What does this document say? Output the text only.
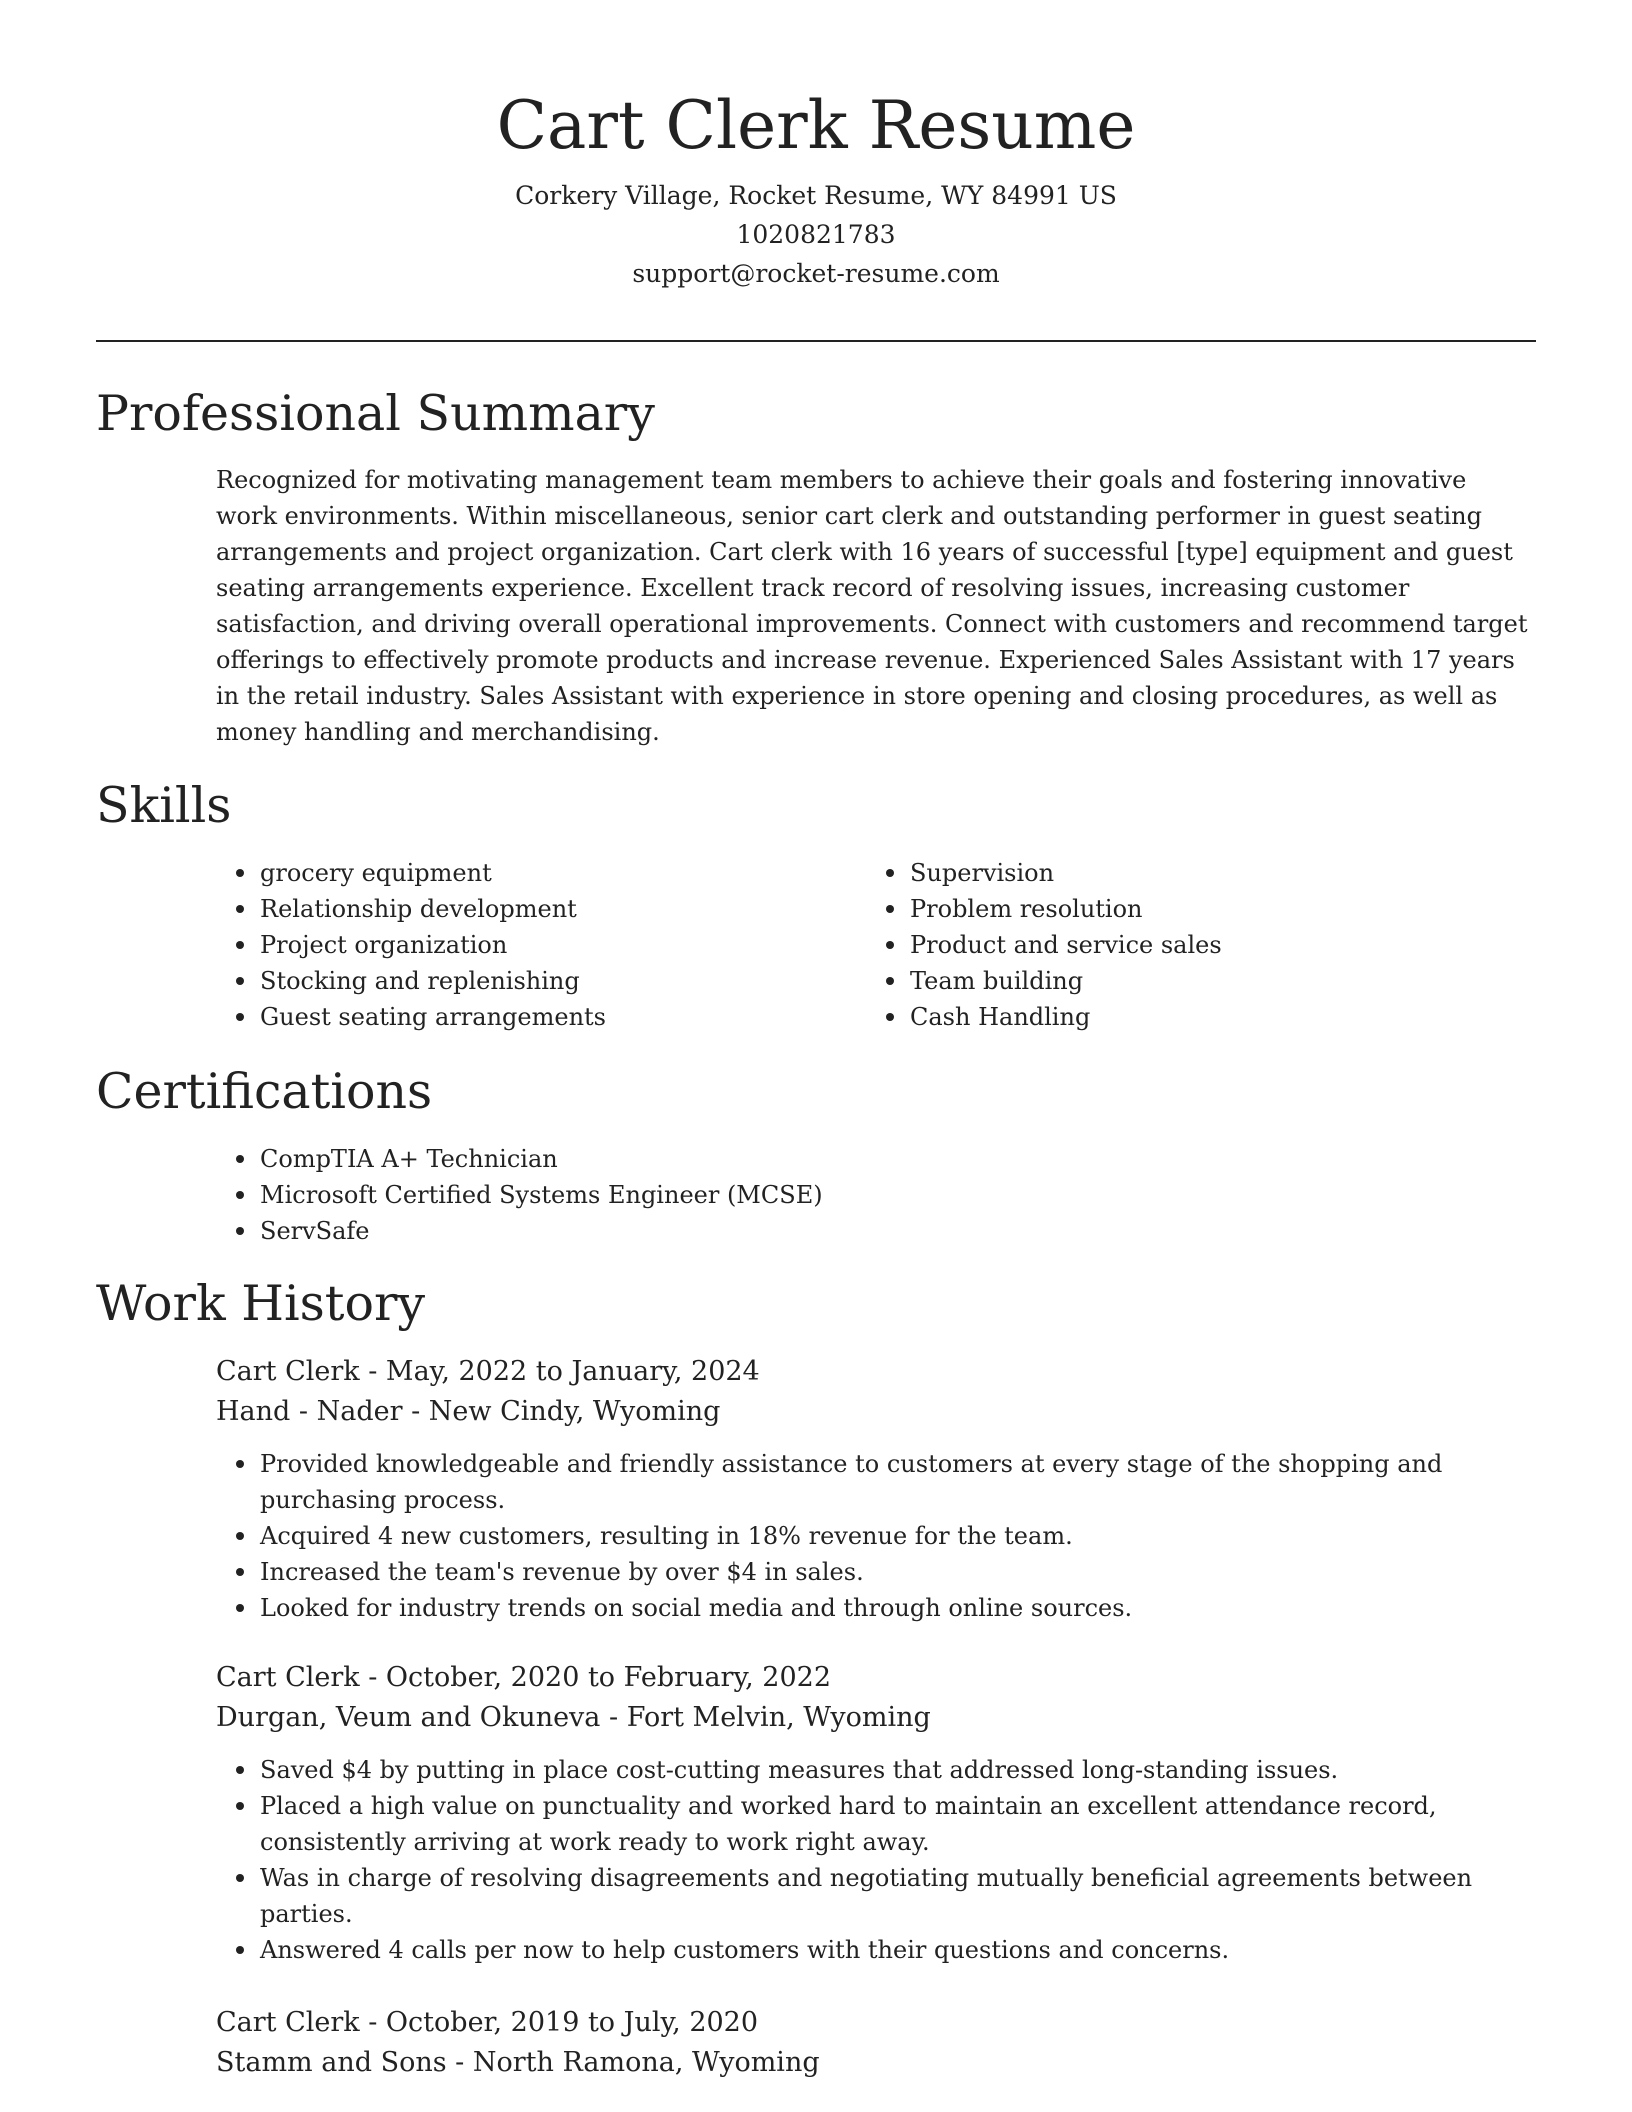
Cart Clerk Resume
Corkery Village, Rocket Resume, WY 84991 US
1020821783
support@rocket-resume.com
Professional Summary

Recognized for motivating management team members to achieve their goals and fostering innovative work environments. Within miscellaneous, senior cart clerk and outstanding performer in guest seating arrangements and project organization. Cart clerk with 16 years of successful [type] equipment and guest seating arrangements experience. Excellent track record of resolving issues, increasing customer satisfaction, and driving overall operational improvements. Connect with customers and recommend target offerings to effectively promote products and increase revenue. Experienced Sales Assistant with 17 years in the retail industry. Sales Assistant with experience in store opening and closing procedures, as well as money handling and merchandising.

Skills
grocery equipment
Relationship development
Project organization
Stocking and replenishing
Guest seating arrangements
Supervision
Problem resolution
Product and service sales
Team building
Cash Handling
Certifications
CompTIA A+ Technician
Microsoft Certified Systems Engineer (MCSE)
ServSafe
Work History
Cart Clerk - May, 2022 to January, 2024
Hand - Nader - New Cindy, Wyoming
Provided knowledgeable and friendly assistance to customers at every stage of the shopping and purchasing process.
Acquired 4 new customers, resulting in 18% revenue for the team.
Increased the team's revenue by over $4 in sales.
Looked for industry trends on social media and through online sources.
Cart Clerk - October, 2020 to February, 2022
Durgan, Veum and Okuneva - Fort Melvin, Wyoming
Saved $4 by putting in place cost-cutting measures that addressed long-standing issues.
Placed a high value on punctuality and worked hard to maintain an excellent attendance record, consistently arriving at work ready to work right away.
Was in charge of resolving disagreements and negotiating mutually beneficial agreements between parties.
Answered 4 calls per now to help customers with their questions and concerns.
Cart Clerk - October, 2019 to July, 2020
Stamm and Sons - North Ramona, Wyoming
